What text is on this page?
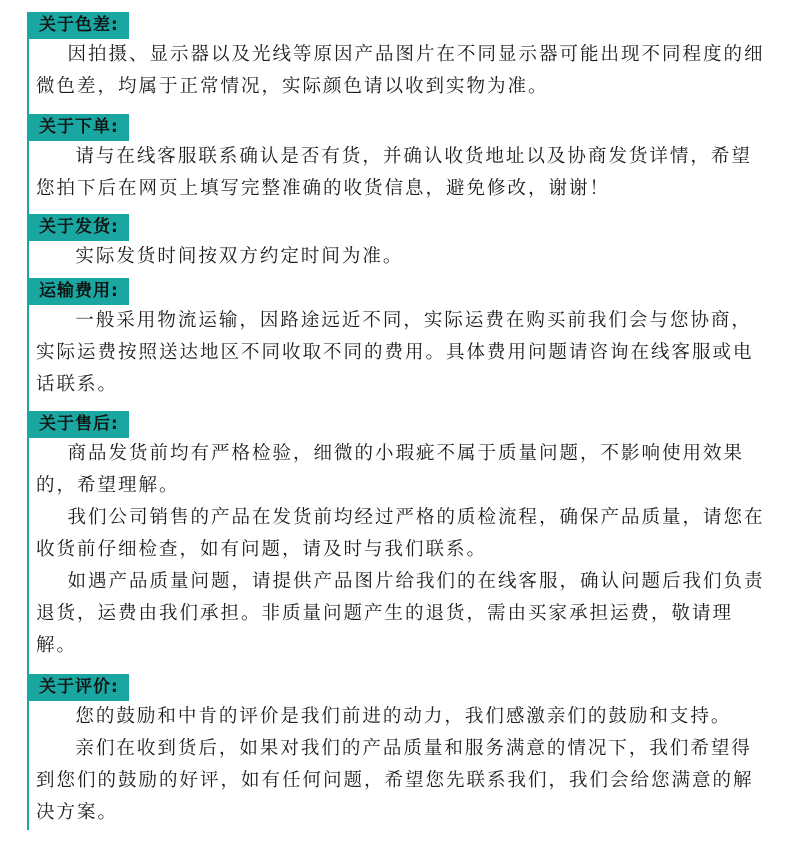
关于色差:

因拍摄、显示器以及光线等原因产品图片在不同显示器可能出现不同程度的细微色差，均属于正常情况，实际颜色请以收到实物为准。

关于下单:

请与在线客服联系确认是否有货，并确认收货地址以及协商发货详情，希望您拍下后在网页上填写完整准确的收货信息，避免修改，谢谢！

关于发货:

实际发货时间按双方约定时间为准。

运输费用:

一般采用物流运输，因路途远近不同，实际运费在购买前我们会与您协商，实际运费按照送达地区不同收取不同的费用。具体费用问题请咨询在线客服或电话联系。

关于售后:

商品发货前均有严格检验，细微的小瑕疵不属于质量问题，不影响使用效果的，希望理解。

我们公司销售的产品在发货前均经过严格的质检流程，确保产品质量，请您在收货前仔细检查，如有问题，请及时与我们联系。

如遇产品质量问题，请提供产品图片给我们的在线客服，确认问题后我们负责退货，运费由我们承担。非质量问题产生的退货，需由买家承担运费，敬请理解。

关于评价:

您的鼓励和中肯的评价是我们前进的动力，我们感激亲们的鼓励和支持。

亲们在收到货后，如果对我们的产品质量和服务满意的情况下，我们希望得到您们的鼓励的好评，如有任何问题，希望您先联系我们，我们会给您满意的解决方案。
